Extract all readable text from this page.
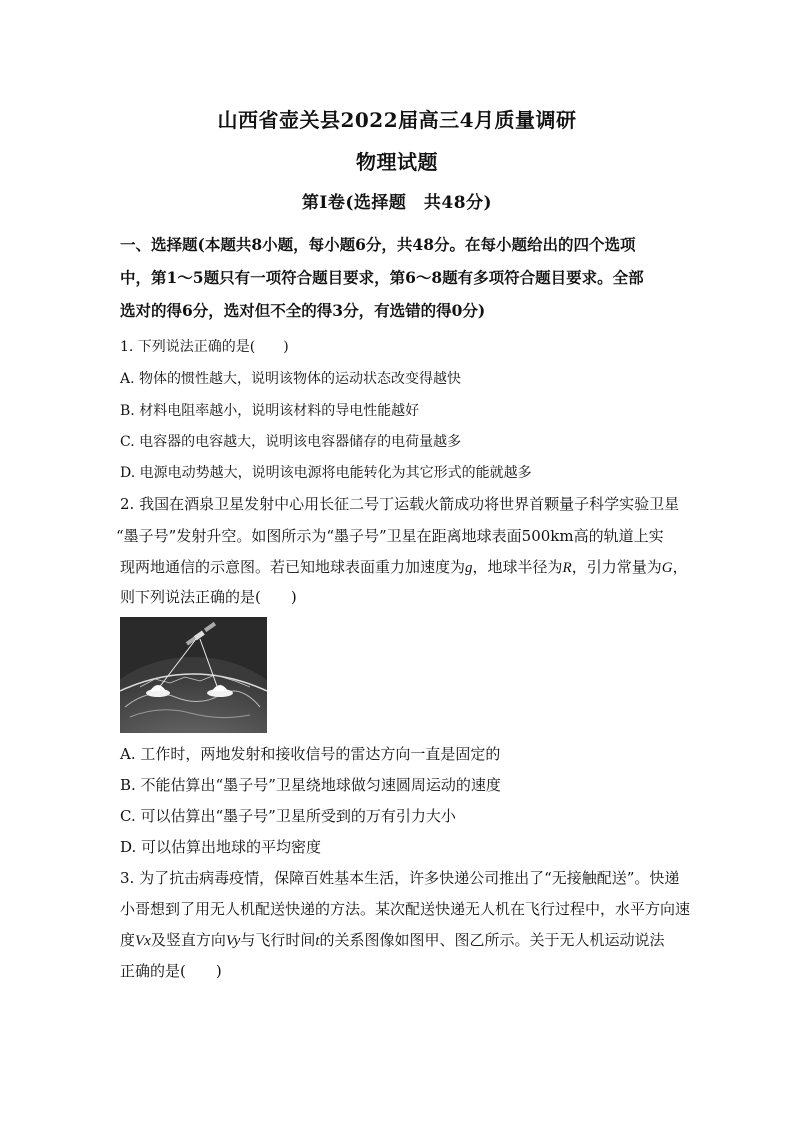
山西省壶关县2022届高三4月质量调研
物理试题
第Ⅰ卷(选择题　共48分)

一、选择题(本题共8小题，每小题6分，共48分。在每小题给出的四个选项

中，第1～5题只有一项符合题目要求，第6～8题有多项符合题目要求。全部

选对的得6分，选对但不全的得3分，有选错的得0分)

1. 下列说法正确的是(　　)
A. 物体的惯性越大，说明该物体的运动状态改变得越快
B. 材料电阻率越小，说明该材料的导电性能越好
C. 电容器的电容越大，说明该电容器储存的电荷量越多
D. 电源电动势越大，说明该电源将电能转化为其它形式的能就越多
2. 我国在酒泉卫星发射中心用长征二号丁运载火箭成功将世界首颗量子科学实验卫星
“墨子号”发射升空。如图所示为“墨子号”卫星在距离地球表面500km高的轨道上实
现两地通信的示意图。若已知地球表面重力加速度为g，地球半径为R，引力常量为G，
则下列说法正确的是(　　)
A. 工作时，两地发射和接收信号的雷达方向一直是固定的
B. 不能估算出“墨子号”卫星绕地球做匀速圆周运动的速度
C. 可以估算出“墨子号”卫星所受到的万有引力大小
D. 可以估算出地球的平均密度
3. 为了抗击病毒疫情，保障百姓基本生活，许多快递公司推出了“无接触配送”。快递
小哥想到了用无人机配送快递的方法。某次配送快递无人机在飞行过程中，水平方向速
度Vx及竖直方向Vy与飞行时间t的关系图像如图甲、图乙所示。关于无人机运动说法
正确的是(　　)
